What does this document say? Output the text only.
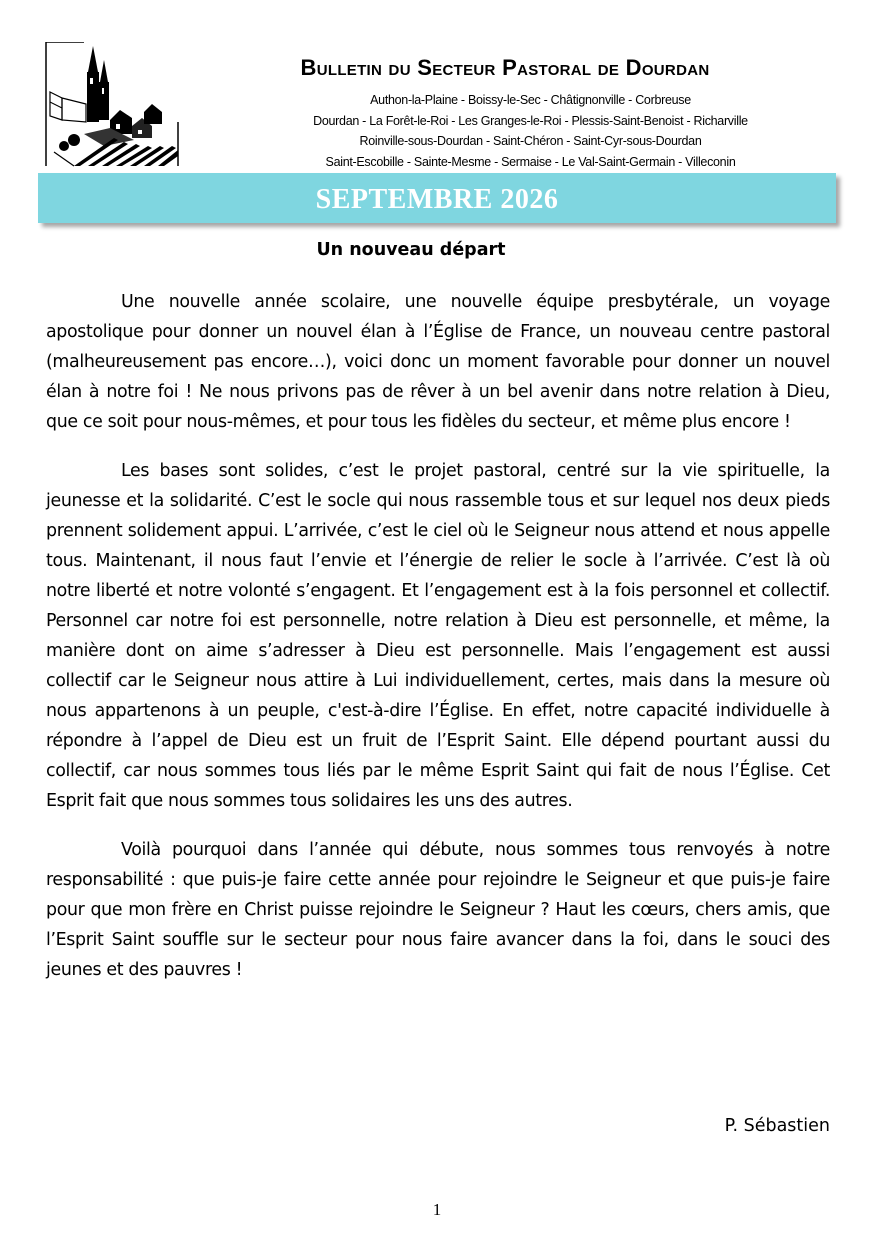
Bulletin du Secteur Pastoral de Dourdan
Authon-la-Plaine - Boissy-le-Sec - Châtignonville - Corbreuse
Dourdan - La Forêt-le-Roi - Les Granges-le-Roi - Plessis-Saint-Benoist - Richarville
Roinville-sous-Dourdan - Saint-Chéron - Saint-Cyr-sous-Dourdan
Saint-Escobille - Sainte-Mesme - Sermaise - Le Val-Saint-Germain - Villeconin
SEPTEMBRE 2026
Un nouveau départ

Une nouvelle année scolaire, une nouvelle équipe presbytérale, un voyage apostolique pour donner un nouvel élan à l’Église de France, un nouveau centre pastoral (malheureusement pas encore…), voici donc un moment favorable pour donner un nouvel élan à notre foi ! Ne nous privons pas de rêver à un bel avenir dans notre relation à Dieu, que ce soit pour nous-mêmes, et pour tous les fidèles du secteur, et même plus encore !

Les bases sont solides, c’est le projet pastoral, centré sur la vie spirituelle, la jeunesse et la solidarité. C’est le socle qui nous rassemble tous et sur lequel nos deux pieds prennent solidement appui. L’arrivée, c’est le ciel où le Seigneur nous attend et nous appelle tous. Maintenant, il nous faut l’envie et l’énergie de relier le socle à l’arrivée. C’est là où notre liberté et notre volonté s’engagent. Et l’engagement est à la fois personnel et collectif. Personnel car notre foi est personnelle, notre relation à Dieu est personnelle, et même, la manière dont on aime s’adresser à Dieu est personnelle. Mais l’engagement est aussi collectif car le Seigneur nous attire à Lui individuellement, certes, mais dans la mesure où nous appartenons à un peuple, c'est-à-dire l’Église. En effet, notre capacité individuelle à répondre à l’appel de Dieu est un fruit de l’Esprit Saint. Elle dépend pourtant aussi du collectif, car nous sommes tous liés par le même Esprit Saint qui fait de nous l’Église. Cet Esprit fait que nous sommes tous solidaires les uns des autres.

Voilà pourquoi dans l’année qui débute, nous sommes tous renvoyés à notre responsabilité : que puis-je faire cette année pour rejoindre le Seigneur et que puis-je faire pour que mon frère en Christ puisse rejoindre le Seigneur ? Haut les cœurs, chers amis, que l’Esprit Saint souffle sur le secteur pour nous faire avancer dans la foi, dans le souci des jeunes et des pauvres !

P. Sébastien
1
